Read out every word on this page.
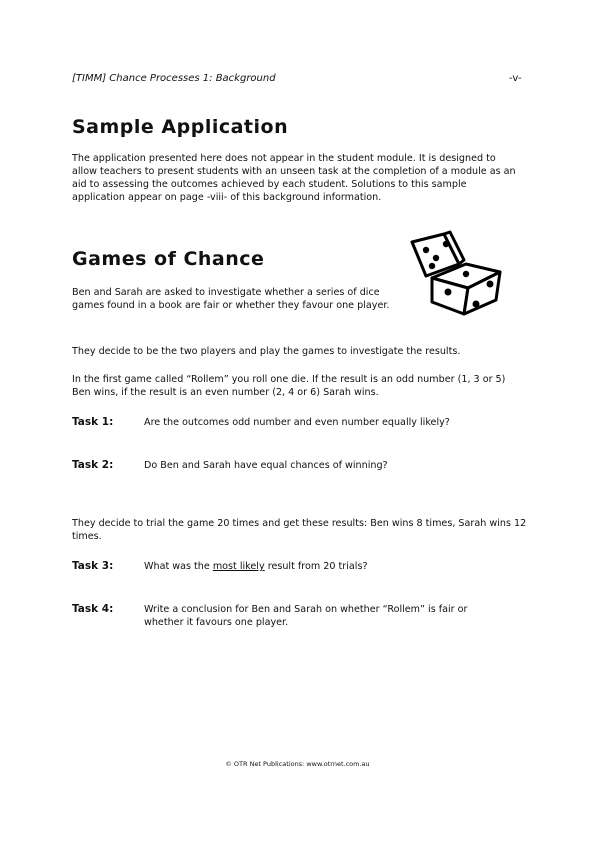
[TIMM] Chance Processes 1: Background	-v-
Sample Application
The application presented here does not appear in the student module. It is designed to allow teachers to present students with an unseen task at the completion of a module as an aid to assessing the outcomes achieved by each student. Solutions to this sample application appear on page -viii- of this background information.
Games of Chance
Ben and Sarah are asked to investigate whether a series of dice games found in a book are fair or whether they favour one player.
They decide to be the two players and play the games to investigate the results.
In the first game called “Rollem” you roll one die. If the result is an odd number (1, 3 or 5) Ben wins, if the result is an even number (2, 4 or 6) Sarah wins.
Task 1:	Are the outcomes odd number and even number equally likely?
Task 2:	Do Ben and Sarah have equal chances of winning?
They decide to trial the game 20 times and get these results: Ben wins 8 times, Sarah wins 12 times.
Task 3:	What was the most likely result from 20 trials?
Task 4:	Write a conclusion for Ben and Sarah on whether “Rollem” is fair or whether it favours one player.
© OTR Net Publications: www.otrnet.com.au
